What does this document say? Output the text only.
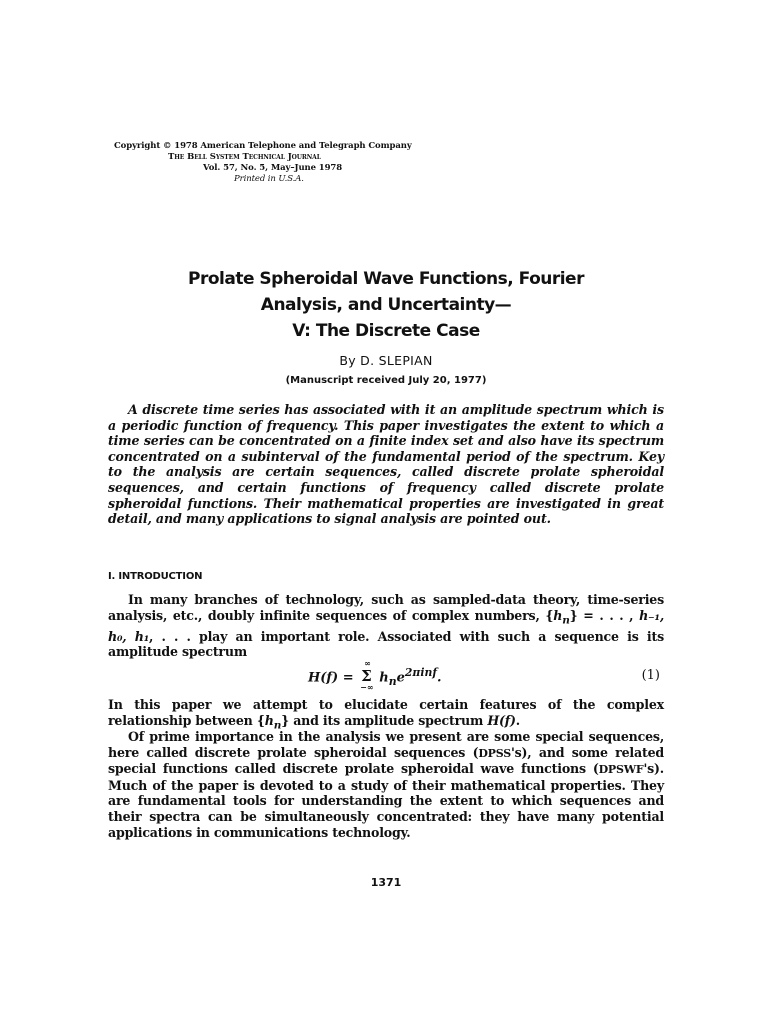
Copyright © 1978 American Telephone and Telegraph Company
The Bell System Technical Journal
Vol. 57, No. 5, May–June 1978
Printed in U.S.A.
Prolate Spheroidal Wave Functions, Fourier
Analysis, and Uncertainty—
V: The Discrete Case
By D. SLEPIAN
(Manuscript received July 20, 1977)
A discrete time series has associated with it an amplitude spectrum which is a periodic function of frequency. This paper investigates the extent to which a time series can be concentrated on a finite index set and also have its spectrum concentrated on a subinterval of the fundamental period of the spectrum. Key to the analysis are certain sequences, called discrete prolate spheroidal sequences, and certain functions of frequency called discrete prolate spheroidal functions. Their mathematical properties are investigated in great detail, and many applications to signal analysis are pointed out.
I. INTRODUCTION
In many branches of technology, such as sampled-data theory, time-series analysis, etc., doubly infinite sequences of complex numbers, $\{h_n\}$ = . . . , h₋₁, h₀, h₁, . . . play an important role. Associated with such a sequence is its amplitude spectrum
H(f) =
∞
Σ
−∞
$h_ne^{2\pi inf}$.	(1)
In this paper we attempt to elucidate certain features of the complex relationship between $\{h_n\}$ and its amplitude spectrum H(f).
Of prime importance in the analysis we present are some special sequences, here called discrete prolate spheroidal sequences (DPSS's), and some related special functions called discrete prolate spheroidal wave functions (DPSWF's). Much of the paper is devoted to a study of their mathematical properties. They are fundamental tools for understanding the extent to which sequences and their spectra can be simultaneously concentrated: they have many potential applications in communications technology.
1371
